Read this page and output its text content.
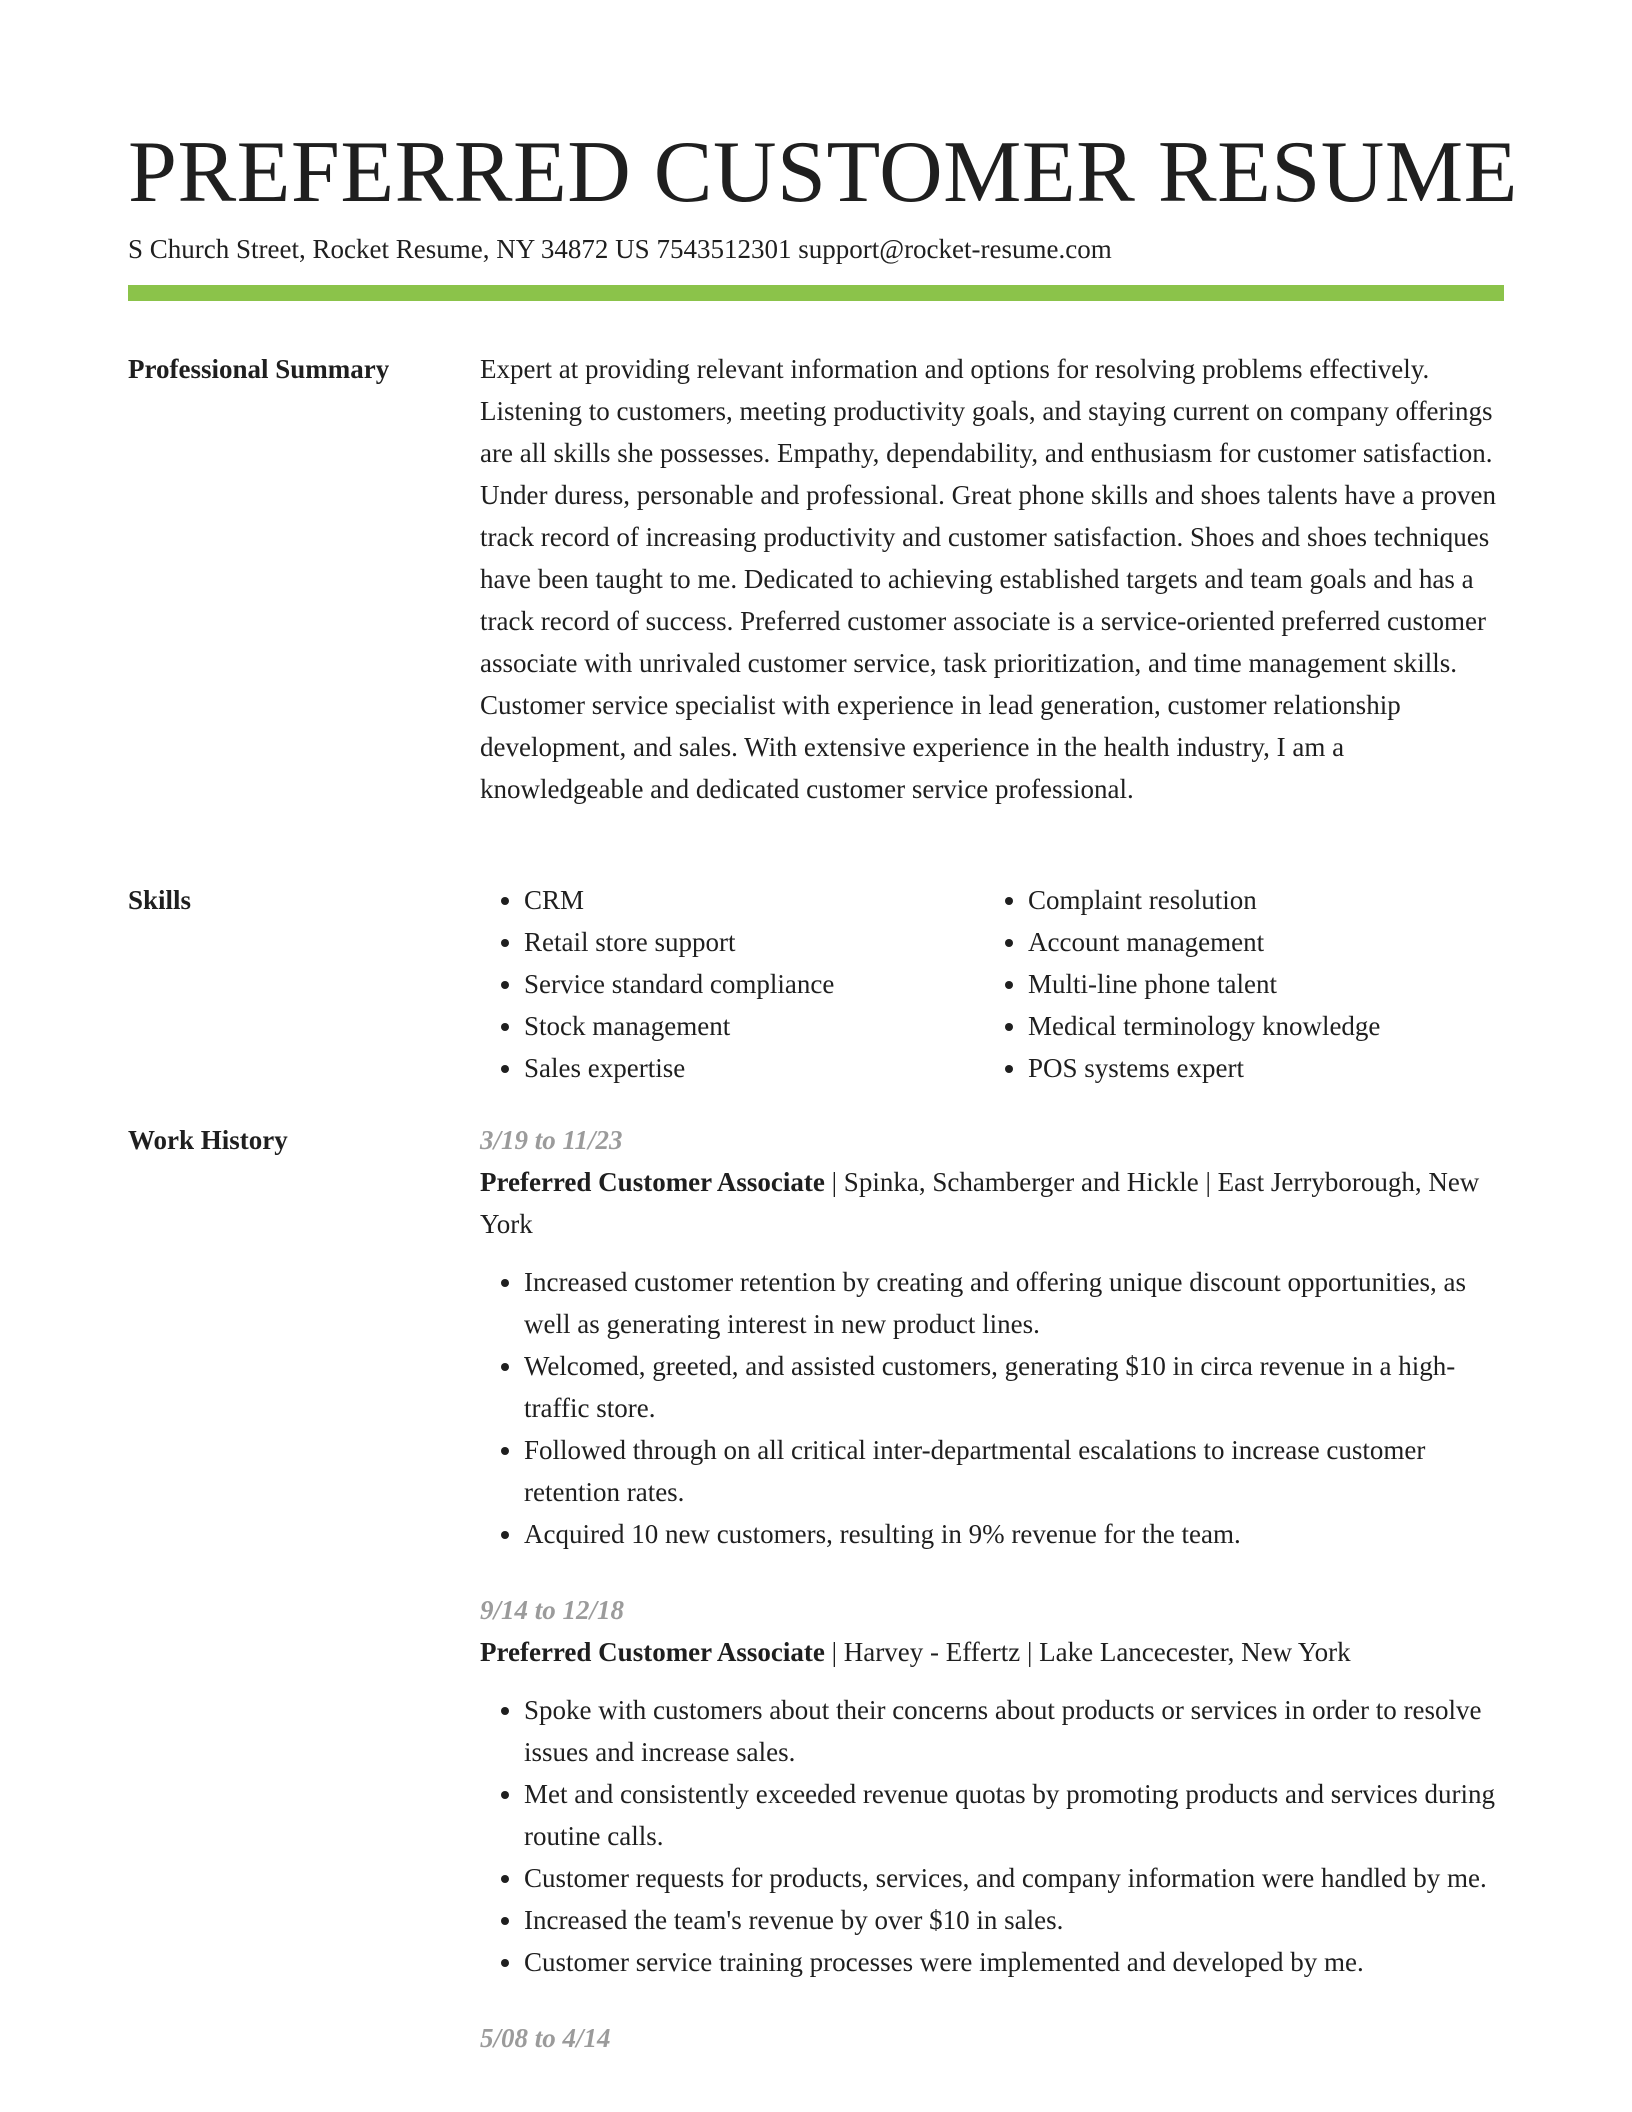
PREFERRED CUSTOMER RESUME
S Church Street, Rocket Resume, NY 34872 US 7543512301 support@rocket-resume.com
Professional Summary	Expert at providing relevant information and options for resolving problems effectively. Listening to customers, meeting productivity goals, and staying current on company offerings are all skills she possesses. Empathy, dependability, and enthusiasm for customer satisfaction. Under duress, personable and professional. Great phone skills and shoes talents have a proven track record of increasing productivity and customer satisfaction. Shoes and shoes techniques have been taught to me. Dedicated to achieving established targets and team goals and has a track record of success. Preferred customer associate is a service-oriented preferred customer associate with unrivaled customer service, task prioritization, and time management skills. Customer service specialist with experience in lead generation, customer relationship development, and sales. With extensive experience in the health industry, I am a knowledgeable and dedicated customer service professional.

Skills
•	CRM
• Retail store support
• Service standard compliance
• Stock management
• Sales expertise
• Complaint resolution
• Account management
• Multi-line phone talent
• Medical terminology knowledge
• POS systems expert
Work History	3/19 to 11/23
Preferred Customer Associate | Spinka, Schamberger and Hickle | East Jerryborough, New York
• Increased customer retention by creating and offering unique discount opportunities, as well as generating interest in new product lines.
• Welcomed, greeted, and assisted customers, generating $10 in circa revenue in a high-traffic store.
• Followed through on all critical inter-departmental escalations to increase customer retention rates.
• Acquired 10 new customers, resulting in 9% revenue for the team.
9/14 to 12/18
Preferred Customer Associate | Harvey - Effertz | Lake Lancecester, New York
• Spoke with customers about their concerns about products or services in order to resolve issues and increase sales.
• Met and consistently exceeded revenue quotas by promoting products and services during routine calls.
• Customer requests for products, services, and company information were handled by me.
• Increased the team's revenue by over $10 in sales.
• Customer service training processes were implemented and developed by me.
5/08 to 4/14
